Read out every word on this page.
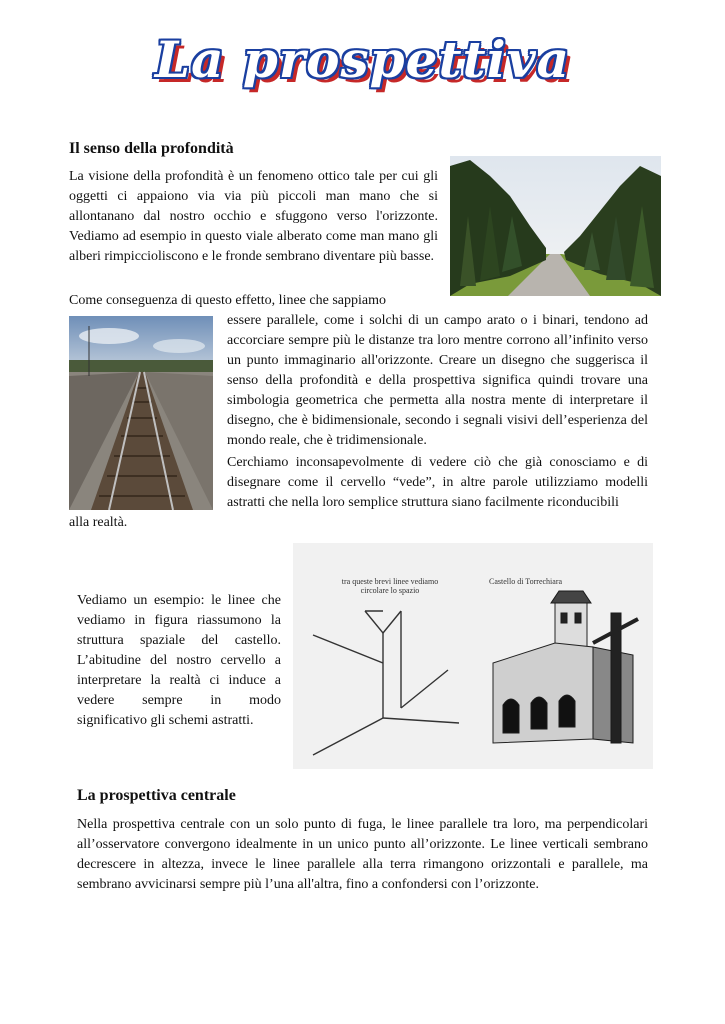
La prospettiva
Il senso della profondità

La visione della profondità è un fenomeno ottico tale per cui gli oggetti ci appaiono via via più piccoli man mano che si allontanano dal nostro occhio e sfuggono verso l'orizzonte. Vediamo ad esempio in questo viale alberato come man mano gli alberi rimpiccioliscono e le fronde sembrano diventare più basse.

Come conseguenza di questo effetto, linee che sappiamo

essere parallele, come i solchi di un campo arato o i binari, tendono ad accorciare sempre più le distanze tra loro mentre corrono all’infinito verso un punto immaginario all'orizzonte. Creare un disegno che suggerisca il senso della profondità e della prospettiva significa quindi trovare una simbologia geometrica che permetta alla nostra mente di interpretare il disegno, che è bidimensionale, secondo i segnali visivi dell’esperienza del mondo reale, che è tridimensionale.

Cerchiamo inconsapevolmente di vedere ciò che già conosciamo e di disegnare come il cervello “vede”, in altre parole utilizziamo modelli astratti che nella loro semplice struttura siano facilmente riconducibili

alla realtà.

Vediamo un esempio: le linee che vediamo in figura riassumono la struttura spaziale del castello. L’abitudine del nostro cervello a interpretare la realtà ci induce a vedere sempre in modo significativo gli schemi astratti.

tra queste brevi linee vediamo circolare lo spazio
Castello di Torrechiara
La prospettiva centrale

Nella prospettiva centrale con un solo punto di fuga, le linee parallele tra loro, ma perpendicolari all’osservatore convergono idealmente in un unico punto all’orizzonte. Le linee verticali sembrano decrescere in altezza, invece le linee parallele alla terra rimangono orizzontali e parallele, ma sembrano avvicinarsi sempre più l’una all'altra, fino a confondersi con l’orizzonte.
